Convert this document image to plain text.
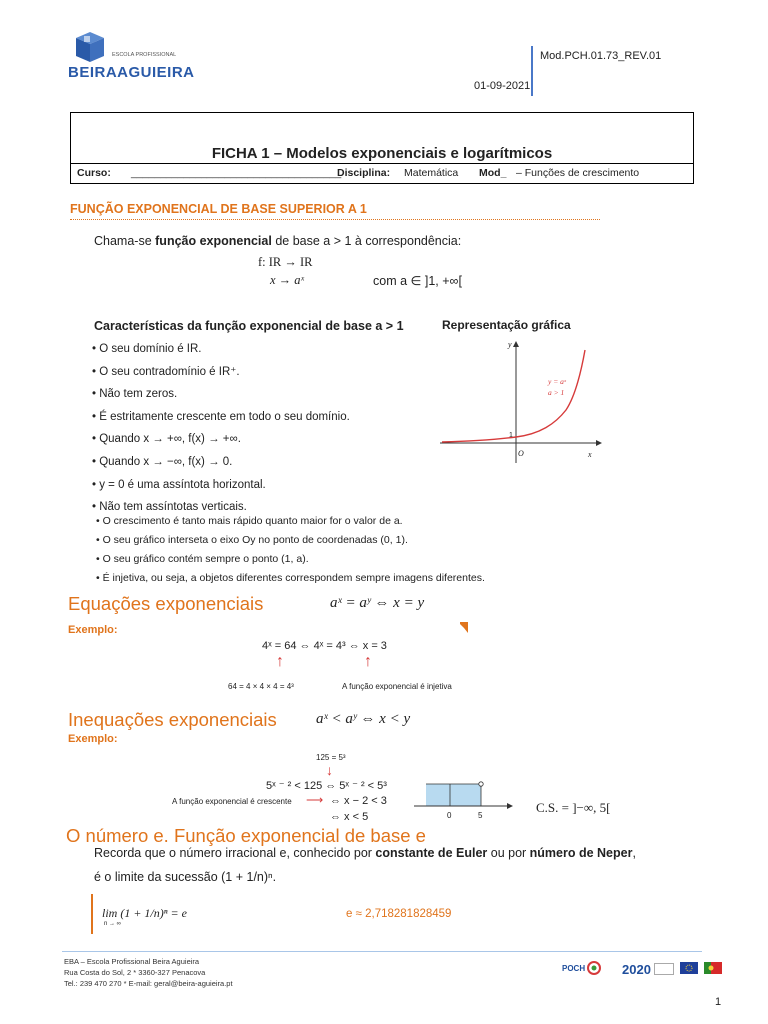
ESCOLA PROFISSIONAL
BEIRAAGUIEIRA
Mod.PCH.01.73_REV.01
01-09-2021
FICHA 1 – Modelos exponenciais e logarítmicos
Curso: ____________________________________
Disciplina: Matemática Mod_ – Funções de crescimento
FUNÇÃO EXPONENCIAL DE BASE SUPERIOR A 1
Chama-se função exponencial de base a > 1 à correspondência:
f: IR → IR
x → aˣ	com a ∈ ]1, +∞[
Características da função exponencial de base a > 1
• O seu domínio é IR.
• O seu contradomínio é IR⁺.
• Não tem zeros.
• É estritamente crescente em todo o seu domínio.
• Quando x → +∞, f(x) → +∞.
• Quando x → −∞, f(x) → 0.
• y = 0 é uma assíntota horizontal.
• Não tem assíntotas verticais.
• O crescimento é tanto mais rápido quanto maior for o valor de a.
• O seu gráfico interseta o eixo Oy no ponto de coordenadas (0, 1).
• O seu gráfico contém sempre o ponto (1, a).
• É injetiva, ou seja, a objetos diferentes correspondem sempre imagens diferentes.
Representação gráfica
y
x
O
1
y = aˣ
a > 1
Equações exponenciais	aˣ = aʸ ⇔ x = y
Exemplo:
4ˣ = 64 ⇔ 4ˣ = 4³ ⇔ x = 3
↑	↑
64 = 4 × 4 × 4 = 4³	A função exponencial é injetiva
Inequações exponenciais	aˣ < aʸ ⇔ x < y
Exemplo:
125 = 5³
↓
5ˣ ⁻ ² < 125 ⇔ 5ˣ ⁻ ² < 5³
A função exponencial é crescente ⟶ ⇔ x − 2 < 3
⇔ x < 5	0	5
C.S. = ]−∞, 5[
O número e. Função exponencial de base e
Recorda que o número irracional e, conhecido por constante de Euler ou por número de Neper,
é o limite da sucessão (1 + 1/n)ⁿ.
lim (1 + 1/n)ⁿ = e
n → ∞
e ≈ 2,718281828459
EBA – Escola Profissional Beira Aguieira
Rua Costa do Sol, 2 * 3360-327 Penacova
Tel.: 239 470 270 * E-mail: geral@beira-aguieira.pt
POCH	2020
1
